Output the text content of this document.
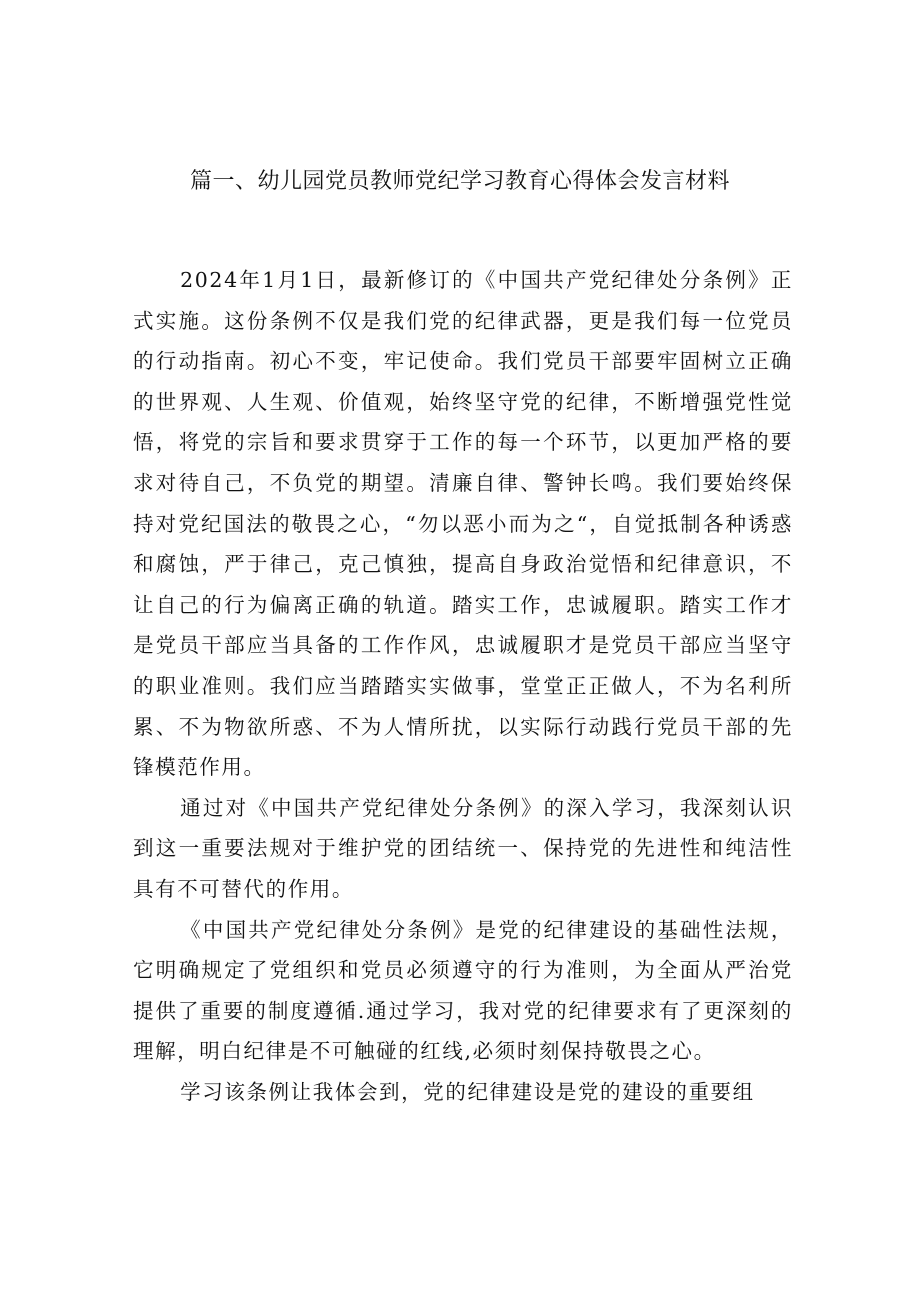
篇一、幼儿园党员教师党纪学习教育心得体会发言材料

2024年1月1日，最新修订的《中国共产党纪律处分条例》正式实施。这份条例不仅是我们党的纪律武器，更是我们每一位党员的行动指南。初心不变，牢记使命。我们党员干部要牢固树立正确的世界观、人生观、价值观，始终坚守党的纪律，不断增强党性觉悟，将党的宗旨和要求贯穿于工作的每一个环节，以更加严格的要求对待自己，不负党的期望。清廉自律、警钟长鸣。我们要始终保持对党纪国法的敬畏之心，“勿以恶小而为之“，自觉抵制各种诱惑和腐蚀，严于律己，克己慎独，提高自身政治觉悟和纪律意识，不让自己的行为偏离正确的轨道。踏实工作，忠诚履职。踏实工作才是党员干部应当具备的工作作风，忠诚履职才是党员干部应当坚守的职业准则。我们应当踏踏实实做事，堂堂正正做人，不为名利所累、不为物欲所惑、不为人情所扰，以实际行动践行党员干部的先锋模范作用。

通过对《中国共产党纪律处分条例》的深入学习，我深刻认识到这一重要法规对于维护党的团结统一、保持党的先进性和纯洁性具有不可替代的作用。

《中国共产党纪律处分条例》是党的纪律建设的基础性法规，它明确规定了党组织和党员必须遵守的行为准则，为全面从严治党提供了重要的制度遵循.通过学习，我对党的纪律要求有了更深刻的理解，明白纪律是不可触碰的红线,必须时刻保持敬畏之心。

学习该条例让我体会到，党的纪律建设是党的建设的重要组
